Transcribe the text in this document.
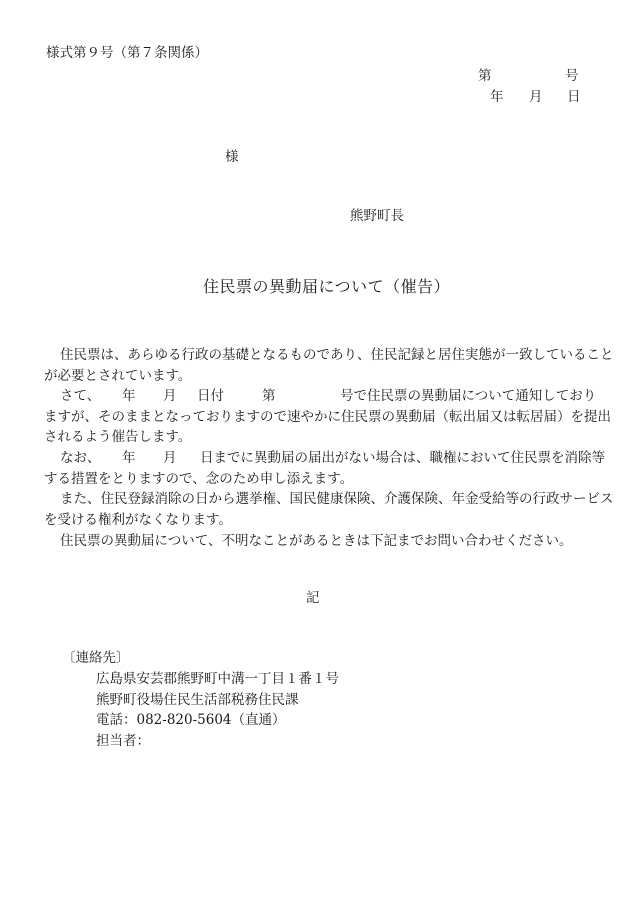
様式第９号（第７条関係）
第	号
年 月 日
様
熊野町長
住民票の異動届について（催告）
住民票は、あらゆる行政の基礎となるものであり、住民記録と居住実態が一致していること
が必要とされています。
さて、 年 月 日付	第	号で住民票の異動届について通知しており
ますが、そのままとなっておりますので速やかに住民票の異動届（転出届又は転居届）を提出
されるよう催告します。
なお、 年 月 日までに異動届の届出がない場合は、職権において住民票を消除等
する措置をとりますので、念のため申し添えます。
また、住民登録消除の日から選挙権、国民健康保険、介護保険、年金受給等の行政サービス
を受ける権利がなくなります。
住民票の異動届について、不明なことがあるときは下記までお問い合わせください。
記
〔連絡先〕
広島県安芸郡熊野町中溝一丁目１番１号
熊野町役場住民生活部税務住民課
電話：082-820-5604（直通）
担当者：
